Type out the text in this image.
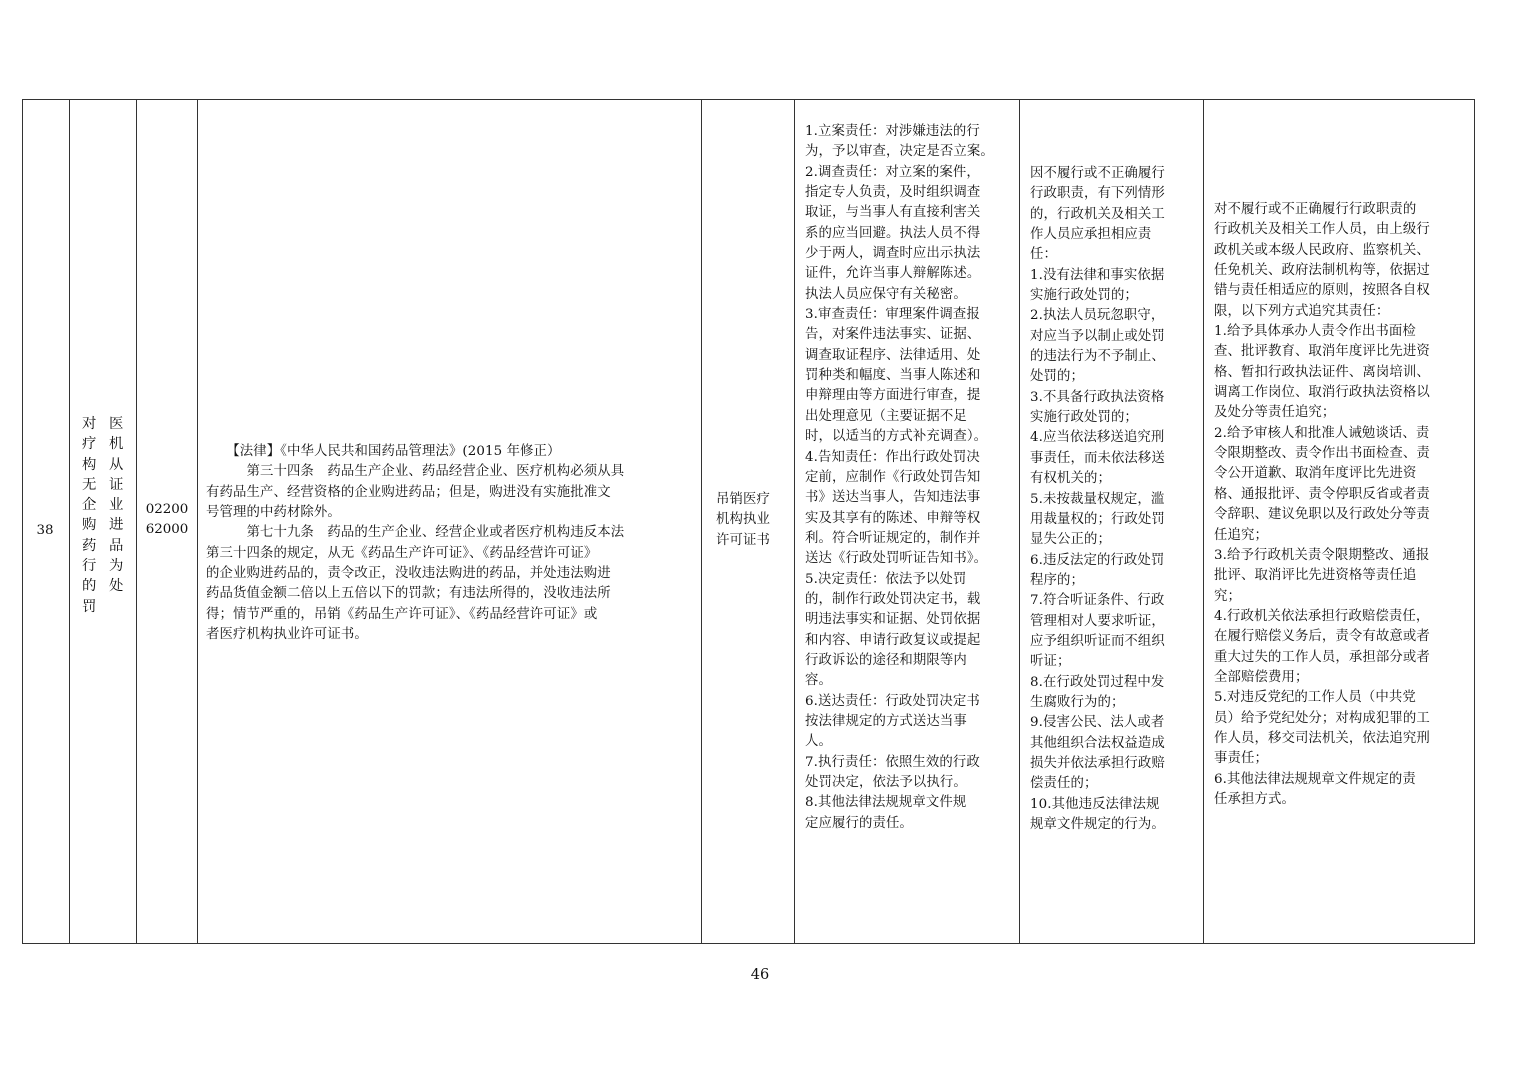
38
对
疗
构
无
企
购
药
行
的
罚
医
机
从
证
业
进
品
为
处
02200
62000
　　【法律】《中华人民共和国药品管理法》(2015 年修正）
　　　第三十四条　药品生产企业、药品经营企业、医疗机构必须从具
有药品生产、经营资格的企业购进药品；但是，购进没有实施批准文
号管理的中药材除外。
　　　第七十九条　药品的生产企业、经营企业或者医疗机构违反本法
第三十四条的规定，从无《药品生产许可证》、《药品经营许可证》
的企业购进药品的，责令改正，没收违法购进的药品，并处违法购进
药品货值金额二倍以上五倍以下的罚款；有违法所得的，没收违法所
得；情节严重的，吊销《药品生产许可证》、《药品经营许可证》或
者医疗机构执业许可证书。
吊销医疗
机构执业
许可证书
1.立案责任：对涉嫌违法的行
为，予以审查，决定是否立案。
2.调查责任：对立案的案件，
指定专人负责，及时组织调查
取证，与当事人有直接利害关
系的应当回避。执法人员不得
少于两人，调查时应出示执法
证件，允许当事人辩解陈述。
执法人员应保守有关秘密。
3.审查责任：审理案件调查报
告，对案件违法事实、证据、
调查取证程序、法律适用、处
罚种类和幅度、当事人陈述和
申辩理由等方面进行审查，提
出处理意见（主要证据不足
时，以适当的方式补充调查）。
4.告知责任：作出行政处罚决
定前，应制作《行政处罚告知
书》送达当事人，告知违法事
实及其享有的陈述、申辩等权
利。符合听证规定的，制作并
送达《行政处罚听证告知书》。
5.决定责任：依法予以处罚
的，制作行政处罚决定书，载
明违法事实和证据、处罚依据
和内容、申请行政复议或提起
行政诉讼的途径和期限等内
容。
6.送达责任：行政处罚决定书
按法律规定的方式送达当事
人。
7.执行责任：依照生效的行政
处罚决定，依法予以执行。
8.其他法律法规规章文件规
定应履行的责任。
因不履行或不正确履行
行政职责，有下列情形
的，行政机关及相关工
作人员应承担相应责
任：
1.没有法律和事实依据
实施行政处罚的；
2.执法人员玩忽职守，
对应当予以制止或处罚
的违法行为不予制止、
处罚的；
3.不具备行政执法资格
实施行政处罚的；
4.应当依法移送追究刑
事责任，而未依法移送
有权机关的；
5.未按裁量权规定，滥
用裁量权的；行政处罚
显失公正的；
6.违反法定的行政处罚
程序的；
7.符合听证条件、行政
管理相对人要求听证，
应予组织听证而不组织
听证；
8.在行政处罚过程中发
生腐败行为的；
9.侵害公民、法人或者
其他组织合法权益造成
损失并依法承担行政赔
偿责任的；
10.其他违反法律法规
规章文件规定的行为。
对不履行或不正确履行行政职责的
行政机关及相关工作人员，由上级行
政机关或本级人民政府、监察机关、
任免机关、政府法制机构等，依据过
错与责任相适应的原则，按照各自权
限，以下列方式追究其责任：
1.给予具体承办人责令作出书面检
查、批评教育、取消年度评比先进资
格、暂扣行政执法证件、离岗培训、
调离工作岗位、取消行政执法资格以
及处分等责任追究；
2.给予审核人和批准人诫勉谈话、责
令限期整改、责令作出书面检查、责
令公开道歉、取消年度评比先进资
格、通报批评、责令停职反省或者责
令辞职、建议免职以及行政处分等责
任追究；
3.给予行政机关责令限期整改、通报
批评、取消评比先进资格等责任追
究；
4.行政机关依法承担行政赔偿责任，
在履行赔偿义务后，责令有故意或者
重大过失的工作人员，承担部分或者
全部赔偿费用；
5.对违反党纪的工作人员（中共党
员）给予党纪处分；对构成犯罪的工
作人员，移交司法机关，依法追究刑
事责任；
6.其他法律法规规章文件规定的责
任承担方式。
46
